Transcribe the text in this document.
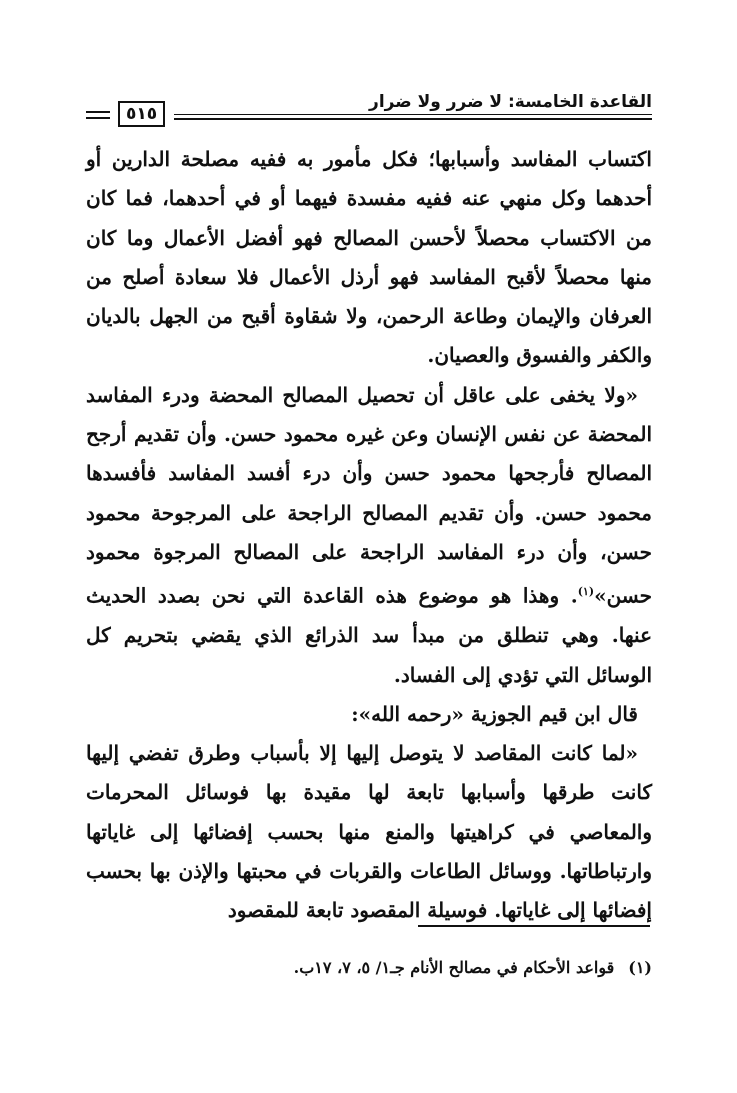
القاعدة الخامسة: لا ضرر ولا ضرار
٥١٥

اكتساب المفاسد وأسبابها؛ فكل مأمور به ففيه مصلحة الدارين أو أحدهما وكل منهي عنه ففيه مفسدة فيهما أو في أحدهما، فما كان من الاكتساب محصلاً لأحسن المصالح فهو أفضل الأعمال وما كان منها محصلاً لأقبح المفاسد فهو أرذل الأعمال فلا سعادة أصلح من العرفان والإيمان وطاعة الرحمن، ولا شقاوة أقبح من الجهل بالديان والكفر والفسوق والعصيان.

«ولا يخفى على عاقل أن تحصيل المصالح المحضة ودرء المفاسد المحضة عن نفس الإنسان وعن غيره محمود حسن. وأن تقديم أرجح المصالح فأرجحها محمود حسن وأن درء أفسد المفاسد فأفسدها محمود حسن. وأن تقديم المصالح الراجحة على المرجوحة محمود حسن، وأن درء المفاسد الراجحة على المصالح المرجوة محمود حسن»$^{(١)}$. وهذا هو موضوع هذه القاعدة التي نحن بصدد الحديث عنها. وهي تنطلق من مبدأ سد الذرائع الذي يقضي بتحريم كل الوسائل التي تؤدي إلى الفساد.

قال ابن قيم الجوزية «رحمه الله»:

«لما كانت المقاصد لا يتوصل إليها إلا بأسباب وطرق تفضي إليها كانت طرقها وأسبابها تابعة لها مقيدة بها فوسائل المحرمات والمعاصي في كراهيتها والمنع منها بحسب إفضائها إلى غاياتها وارتباطاتها. ووسائل الطاعات والقربات في محبتها والإذن بها بحسب إفضائها إلى غاياتها. فوسيلة المقصود تابعة للمقصود

(١)قواعد الأحكام في مصالح الأنام جـ١/ ٥، ٧، ١٧ب.
